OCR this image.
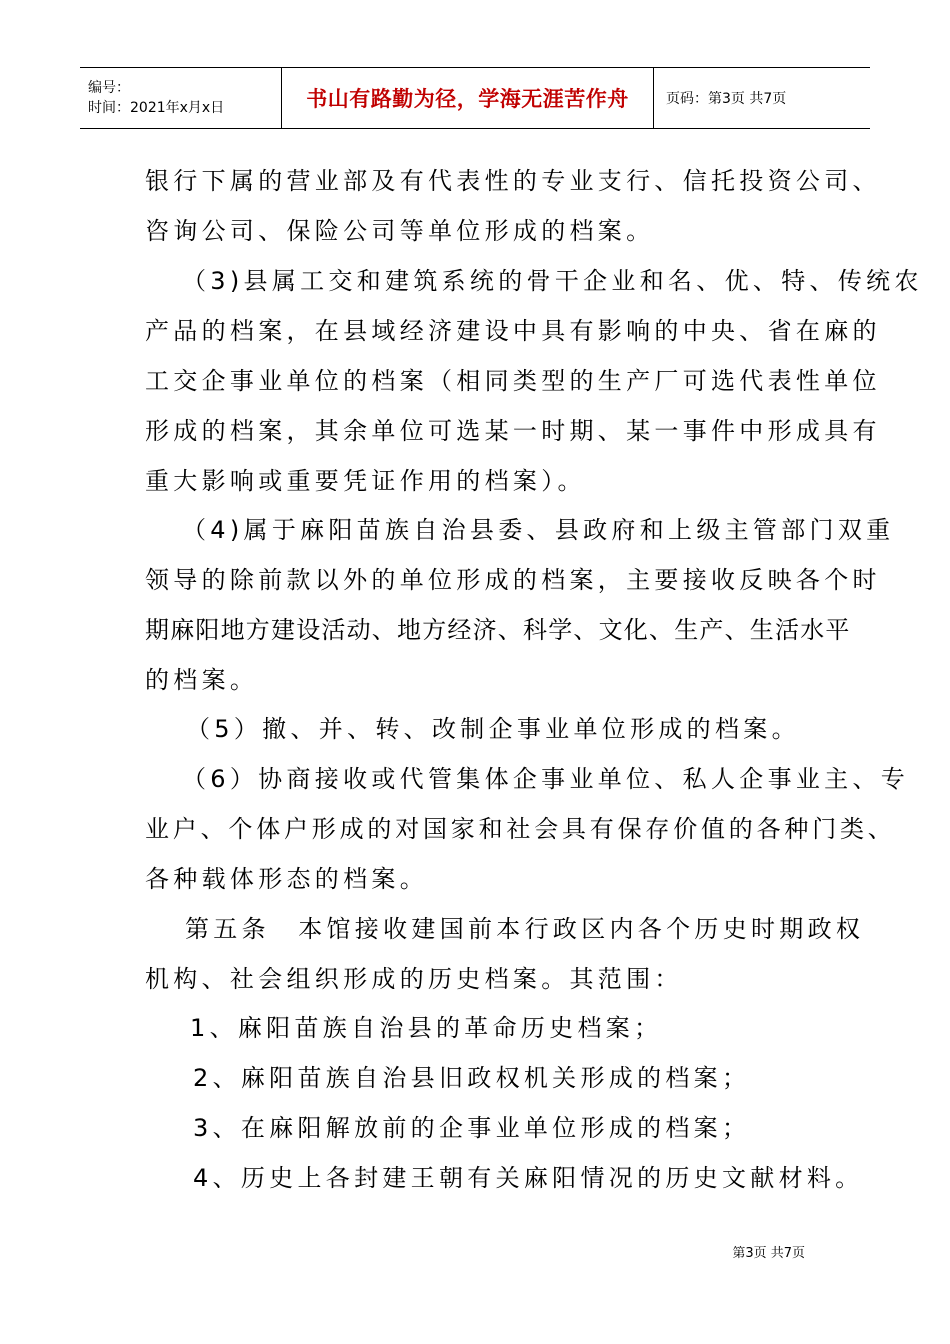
编号：
时间：2021年x月x日	书山有路勤为径，学海无涯苦作舟	页码：第3页 共7页
银行下属的营业部及有代表性的专业支行、信托投资公司、
咨询公司、保险公司等单位形成的档案。
（3)县属工交和建筑系统的骨干企业和名、优、特、传统农
产品的档案，在县域经济建设中具有影响的中央、省在麻的
工交企事业单位的档案（相同类型的生产厂可选代表性单位
形成的档案，其余单位可选某一时期、某一事件中形成具有
重大影响或重要凭证作用的档案）。
（4)属于麻阳苗族自治县委、县政府和上级主管部门双重
领导的除前款以外的单位形成的档案，主要接收反映各个时
期麻阳地方建设活动、地方经济、科学、文化、生产、生活水平
的档案。
（5）撤、并、转、改制企事业单位形成的档案。
（6）协商接收或代管集体企事业单位、私人企事业主、专
业户、个体户形成的对国家和社会具有保存价值的各种门类、
各种载体形态的档案。
第五条　本馆接收建国前本行政区内各个历史时期政权
机构、社会组织形成的历史档案。其范围：
1、麻阳苗族自治县的革命历史档案；
2、麻阳苗族自治县旧政权机关形成的档案；
3、在麻阳解放前的企事业单位形成的档案；
4、历史上各封建王朝有关麻阳情况的历史文献材料。
第3页 共7页
